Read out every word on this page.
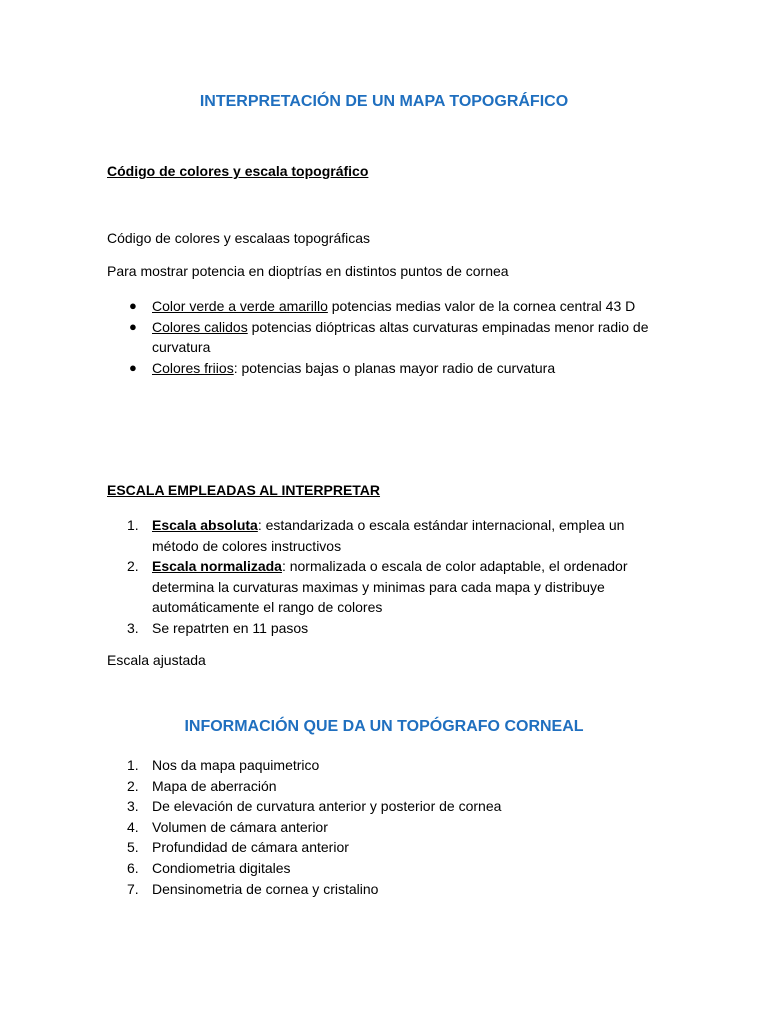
INTERPRETACIÓN DE UN MAPA TOPOGRÁFICO

Código de colores y escala topográfico

Código de colores y escalaas topográficas

Para mostrar potencia en dioptrías en distintos puntos de cornea

● Color verde a verde amarillo potencias medias valor de la cornea central 43 D
● Colores calidos potencias dióptricas altas curvaturas empinadas menor radio de curvatura
● Colores friios: potencias bajas o planas mayor radio de curvatura

ESCALA EMPLEADAS AL INTERPRETAR

1. Escala absoluta: estandarizada o escala estándar internacional, emplea un método de colores instructivos
2. Escala normalizada: normalizada o escala de color adaptable, el ordenador determina la curvaturas maximas y minimas para cada mapa y distribuye automáticamente el rango de colores
3. Se repatrten en 11 pasos

Escala ajustada

INFORMACIÓN QUE DA UN TOPÓGRAFO CORNEAL
1. Nos da mapa paquimetrico
2. Mapa de aberración
3. De elevación de curvatura anterior y posterior de cornea
4. Volumen de cámara anterior
5. Profundidad de cámara anterior
6. Condiometria digitales
7. Densinometria de cornea y cristalino
